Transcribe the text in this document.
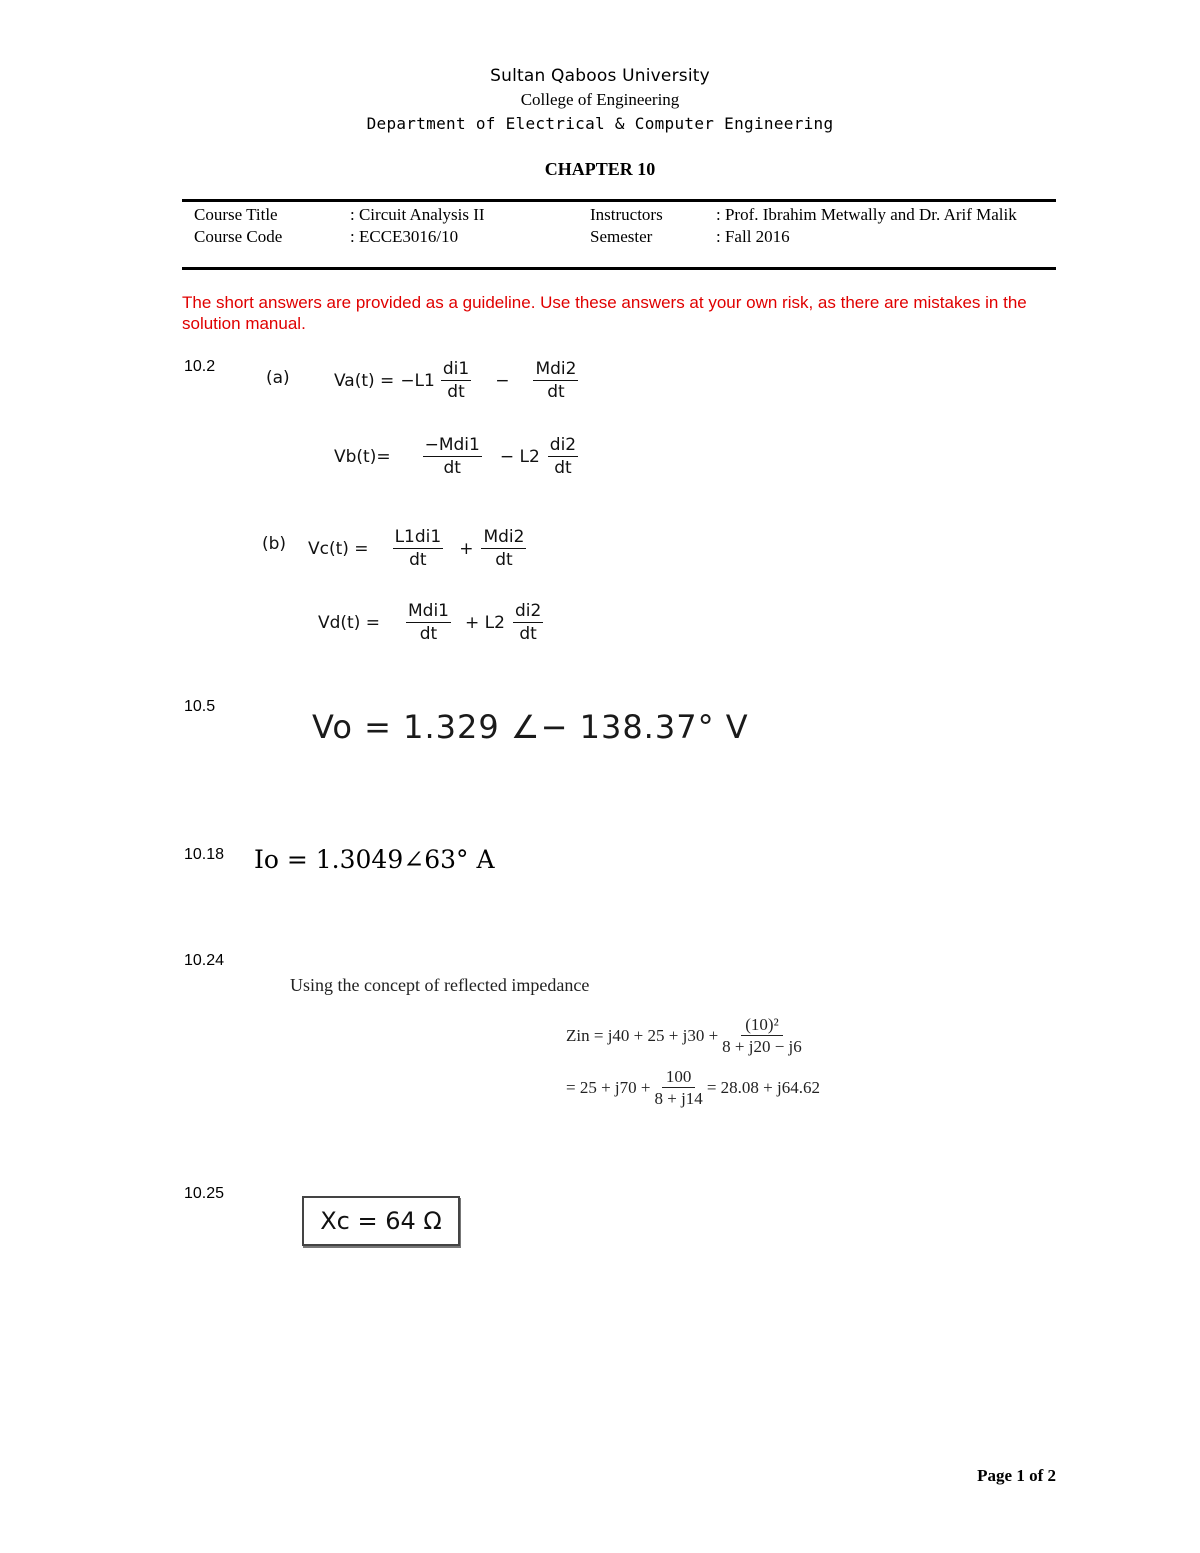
Sultan Qaboos University
College of Engineering
Department of Electrical & Computer Engineering
CHAPTER 10
Course Title	: Circuit Analysis II	Instructors	: Prof. Ibrahim Metwally and Dr. Arif Malik
Course Code	: ECCE3016/10	Semester	: Fall 2016
The short answers are provided as a guideline. Use these answers at your own risk, as there are mistakes in the solution manual.
10.2
(a)	$Va(t) = -L1 \frac{di1}{dt} - \frac{\text{Mdi2}}{dt}$
$Vb(t)= \frac{\text{−Mdi1}}{dt} - L2 \frac{di2}{dt}$
(b) $Vc(t) = \frac{L1di1}{dt} + \frac{\text{Mdi2}}{dt}$
$Vd(t) = \frac{\text{Mdi1}}{dt} + L2 \frac{di2}{dt}$
10.5
Vo = 1.329 ∠− 138.37° V
10.18 Io = 1.3049∠63° A
10.24
Using the concept of reflected impedance
Zin = $j40 + 25 + j30 + \frac{\text{(10)²}}{8 + j20 - j6}$
= $25 + j70 + \frac{100}{8 + j14} = 28.08 + j64.62$
10.25
Xc = 64 Ω
Page 1 of 2
